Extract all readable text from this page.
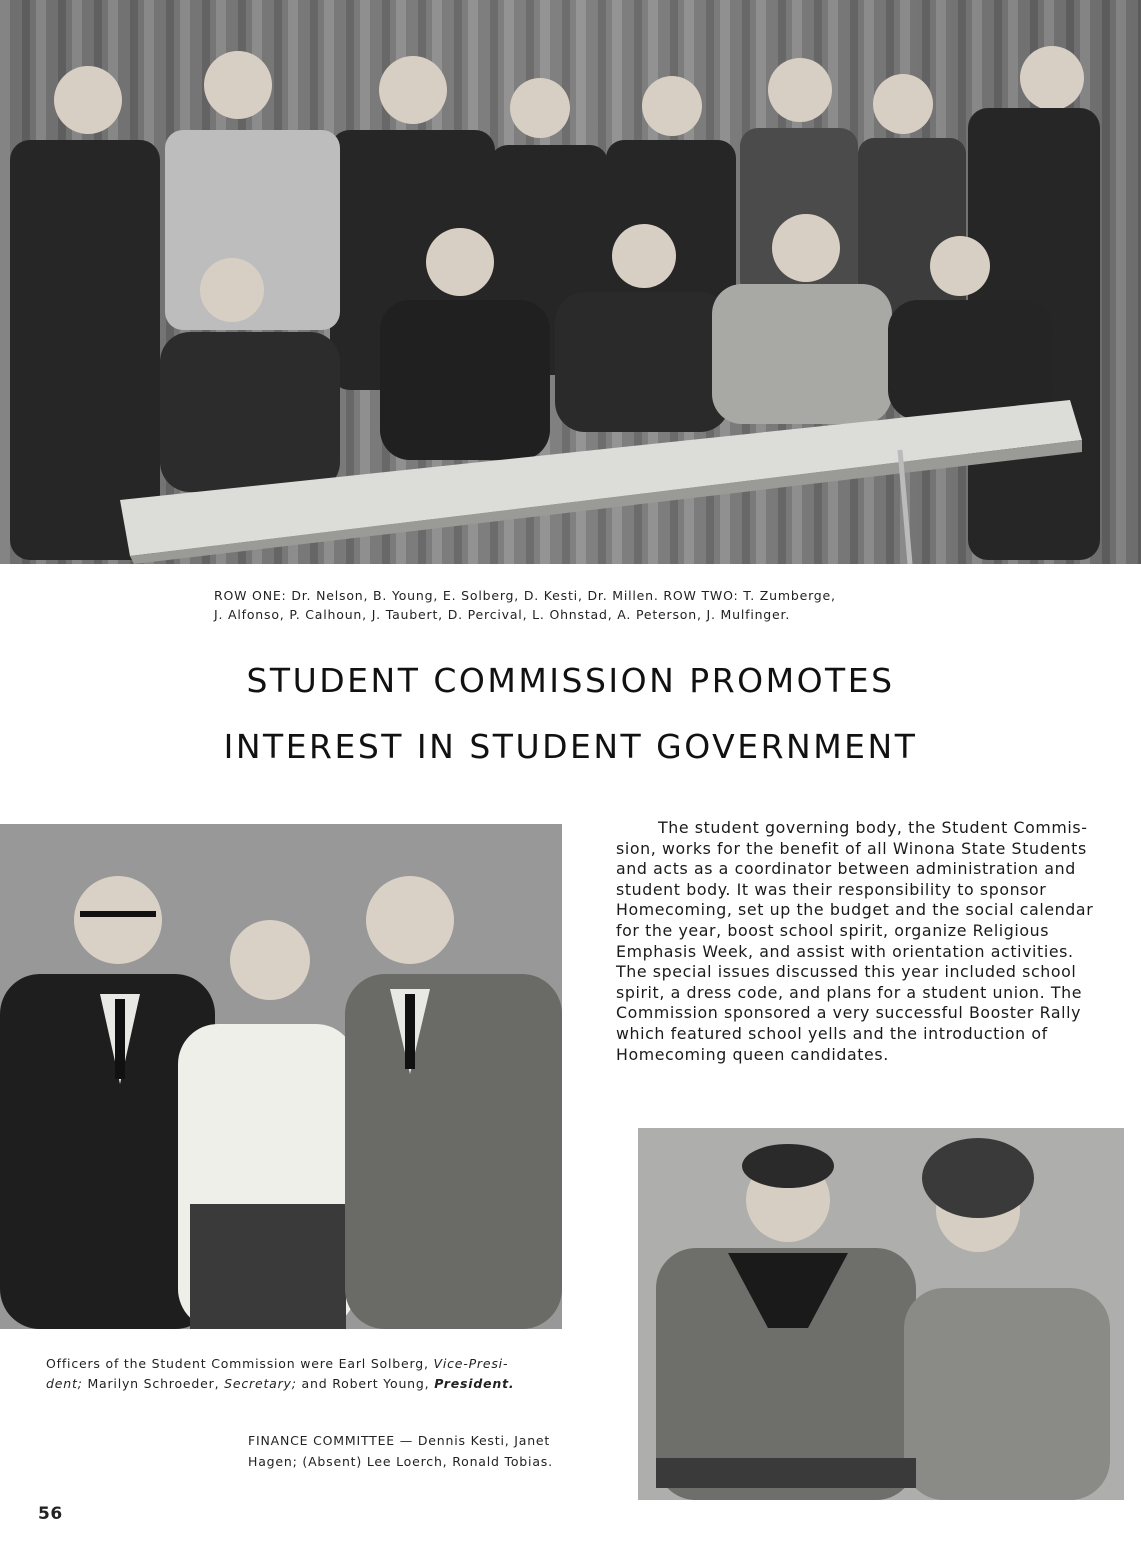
ROW ONE: Dr. Nelson, B. Young, E. Solberg, D. Kesti, Dr. Millen. ROW TWO: T. Zumberge,
J. Alfonso, P. Calhoun, J. Taubert, D. Percival, L. Ohnstad, A. Peterson, J. Mulfinger.
STUDENT COMMISSION PROMOTES
INTEREST IN STUDENT GOVERNMENT
The student governing body, the Student Commis-
sion, works for the benefit of all Winona State Students
and acts as a coordinator between administration and
student body. It was their responsibility to sponsor
Homecoming, set up the budget and the social calendar
for the year, boost school spirit, organize Religious
Emphasis Week, and assist with orientation activities.
The special issues discussed this year included school
spirit, a dress code, and plans for a student union. The
Commission sponsored a very successful Booster Rally
which featured school yells and the introduction of
Homecoming queen candidates.
Officers of the Student Commission were Earl Solberg, Vice-Presi-
dent; Marilyn Schroeder, Secretary; and Robert Young, President.
FINANCE COMMITTEE — Dennis Kesti, Janet
Hagen; (Absent) Lee Loerch, Ronald Tobias.
56
